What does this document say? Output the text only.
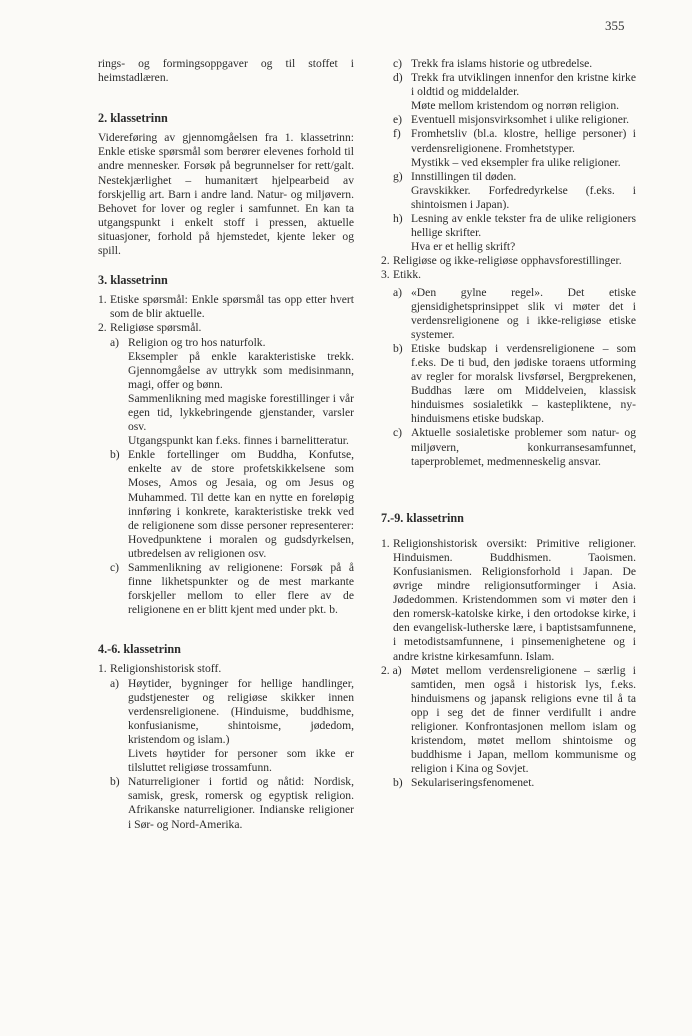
355

rings- og formingsoppgaver og til stoffet i heimstadlæren.

2. klassetrinn

Videreføring av gjennomgåelsen fra 1. klassetrinn: Enkle etiske spørsmål som berører elevenes forhold til andre mennesker. Forsøk på begrunnelser for rett/galt. Nestekjærlighet – humanitært hjelpearbeid av forskjellig art. Barn i andre land. Natur- og miljøvern. Behovet for lover og regler i samfunnet. En kan ta utgangspunkt i enkelt stoff i pressen, aktuelle situasjoner, forhold på hjemstedet, kjente leker og spill.

3. klassetrinn

1. Etiske spørsmål: Enkle spørsmål tas opp etter hvert som de blir aktuelle.
2. Religiøse spørsmål.
a) Religion og tro hos naturfolk.

Eksempler på enkle karakteristiske trekk. Gjennomgåelse av uttrykk som medisinmann, magi, offer og bønn.

Sammenlikning med magiske forestillinger i vår egen tid, lykkebringende gjenstander, varsler osv.

Utgangspunkt kan f.eks. finnes i barnelitteratur.

b) Enkle fortellinger om Buddha, Konfutse, enkelte av de store profetskikkelsene som Moses, Amos og Jesaia, og om Jesus og Muhammed. Til dette kan en nytte en foreløpig innføring i konkrete, karakteristiske trekk ved de religionene som disse personer representerer: Hovedpunktene i moralen og gudsdyrkelsen, utbredelsen av religionen osv.
c) Sammenlikning av religionene: Forsøk på å finne likhetspunkter og de mest markante forskjeller mellom to eller flere av de religionene en er blitt kjent med under pkt. b.

4.-6. klassetrinn

1. Religionshistorisk stoff.
a) Høytider, bygninger for hellige handlinger, gudstjenester og religiøse skikker innen verdensreligionene. (Hinduisme, buddhisme, konfusianisme, shintoisme, jødedom, kristendom og islam.)

Livets høytider for personer som ikke er tilsluttet religiøse trossamfunn.

b) Naturreligioner i fortid og nåtid: Nordisk, samisk, gresk, romersk og egyptisk religion. Afrikanske naturreligioner. Indianske religioner i Sør- og Nord-Amerika.
c) Trekk fra islams historie og utbredelse.
d) Trekk fra utviklingen innenfor den kristne kirke i oldtid og middelalder.

Møte mellom kristendom og norrøn religion.

e) Eventuell misjonsvirksomhet i ulike religioner.
f) Fromhetsliv (bl.a. klostre, hellige personer) i verdensreligionene. Fromhetstyper.

Mystikk – ved eksempler fra ulike religioner.

g) Innstillingen til døden.

Gravskikker. Forfedredyrkelse (f.eks. i shintoismen i Japan).

h) Lesning av enkle tekster fra de ulike religioners hellige skrifter.

Hva er et hellig skrift?

2. Religiøse og ikke-religiøse opphavsforestillinger.
3. Etikk.
a) «Den gylne regel». Det etiske gjensidighetsprinsippet slik vi møter det i verdensreligionene og i ikke-religiøse etiske systemer.
b) Etiske budskap i verdensreligionene – som f.eks. De ti bud, den jødiske toraens utforming av regler for moralsk livsførsel, Bergprekenen, Buddhas lære om Middelveien, klassisk hinduismes sosialetikk – kastepliktene, ny-hinduismens etiske budskap.
c) Aktuelle sosialetiske problemer som natur- og miljøvern, konkurransesamfunnet, taperproblemet, medmenneskelig ansvar.

7.-9. klassetrinn

1. Religionshistorisk oversikt: Primitive religioner. Hinduismen. Buddhismen. Taoismen. Konfusianismen. Religionsforhold i Japan. De øvrige mindre religionsutforminger i Asia. Jødedommen. Kristendommen som vi møter den i den romersk-katolske kirke, i den ortodokse kirke, i den evangelisk-lutherske lære, i baptistsamfunnene, i metodistsamfunnene, i pinsemenighetene og i andre kristne kirkesamfunn. Islam.
2. a) Møtet mellom verdensreligionene – særlig i samtiden, men også i historisk lys, f.eks. hinduismens og japansk religions evne til å ta opp i seg det de finner verdifullt i andre religioner. Konfrontasjonen mellom islam og kristendom, møtet mellom shintoisme og buddhisme i Japan, mellom kommunisme og religion i Kina og Sovjet.
b) Sekulariseringsfenomenet.
